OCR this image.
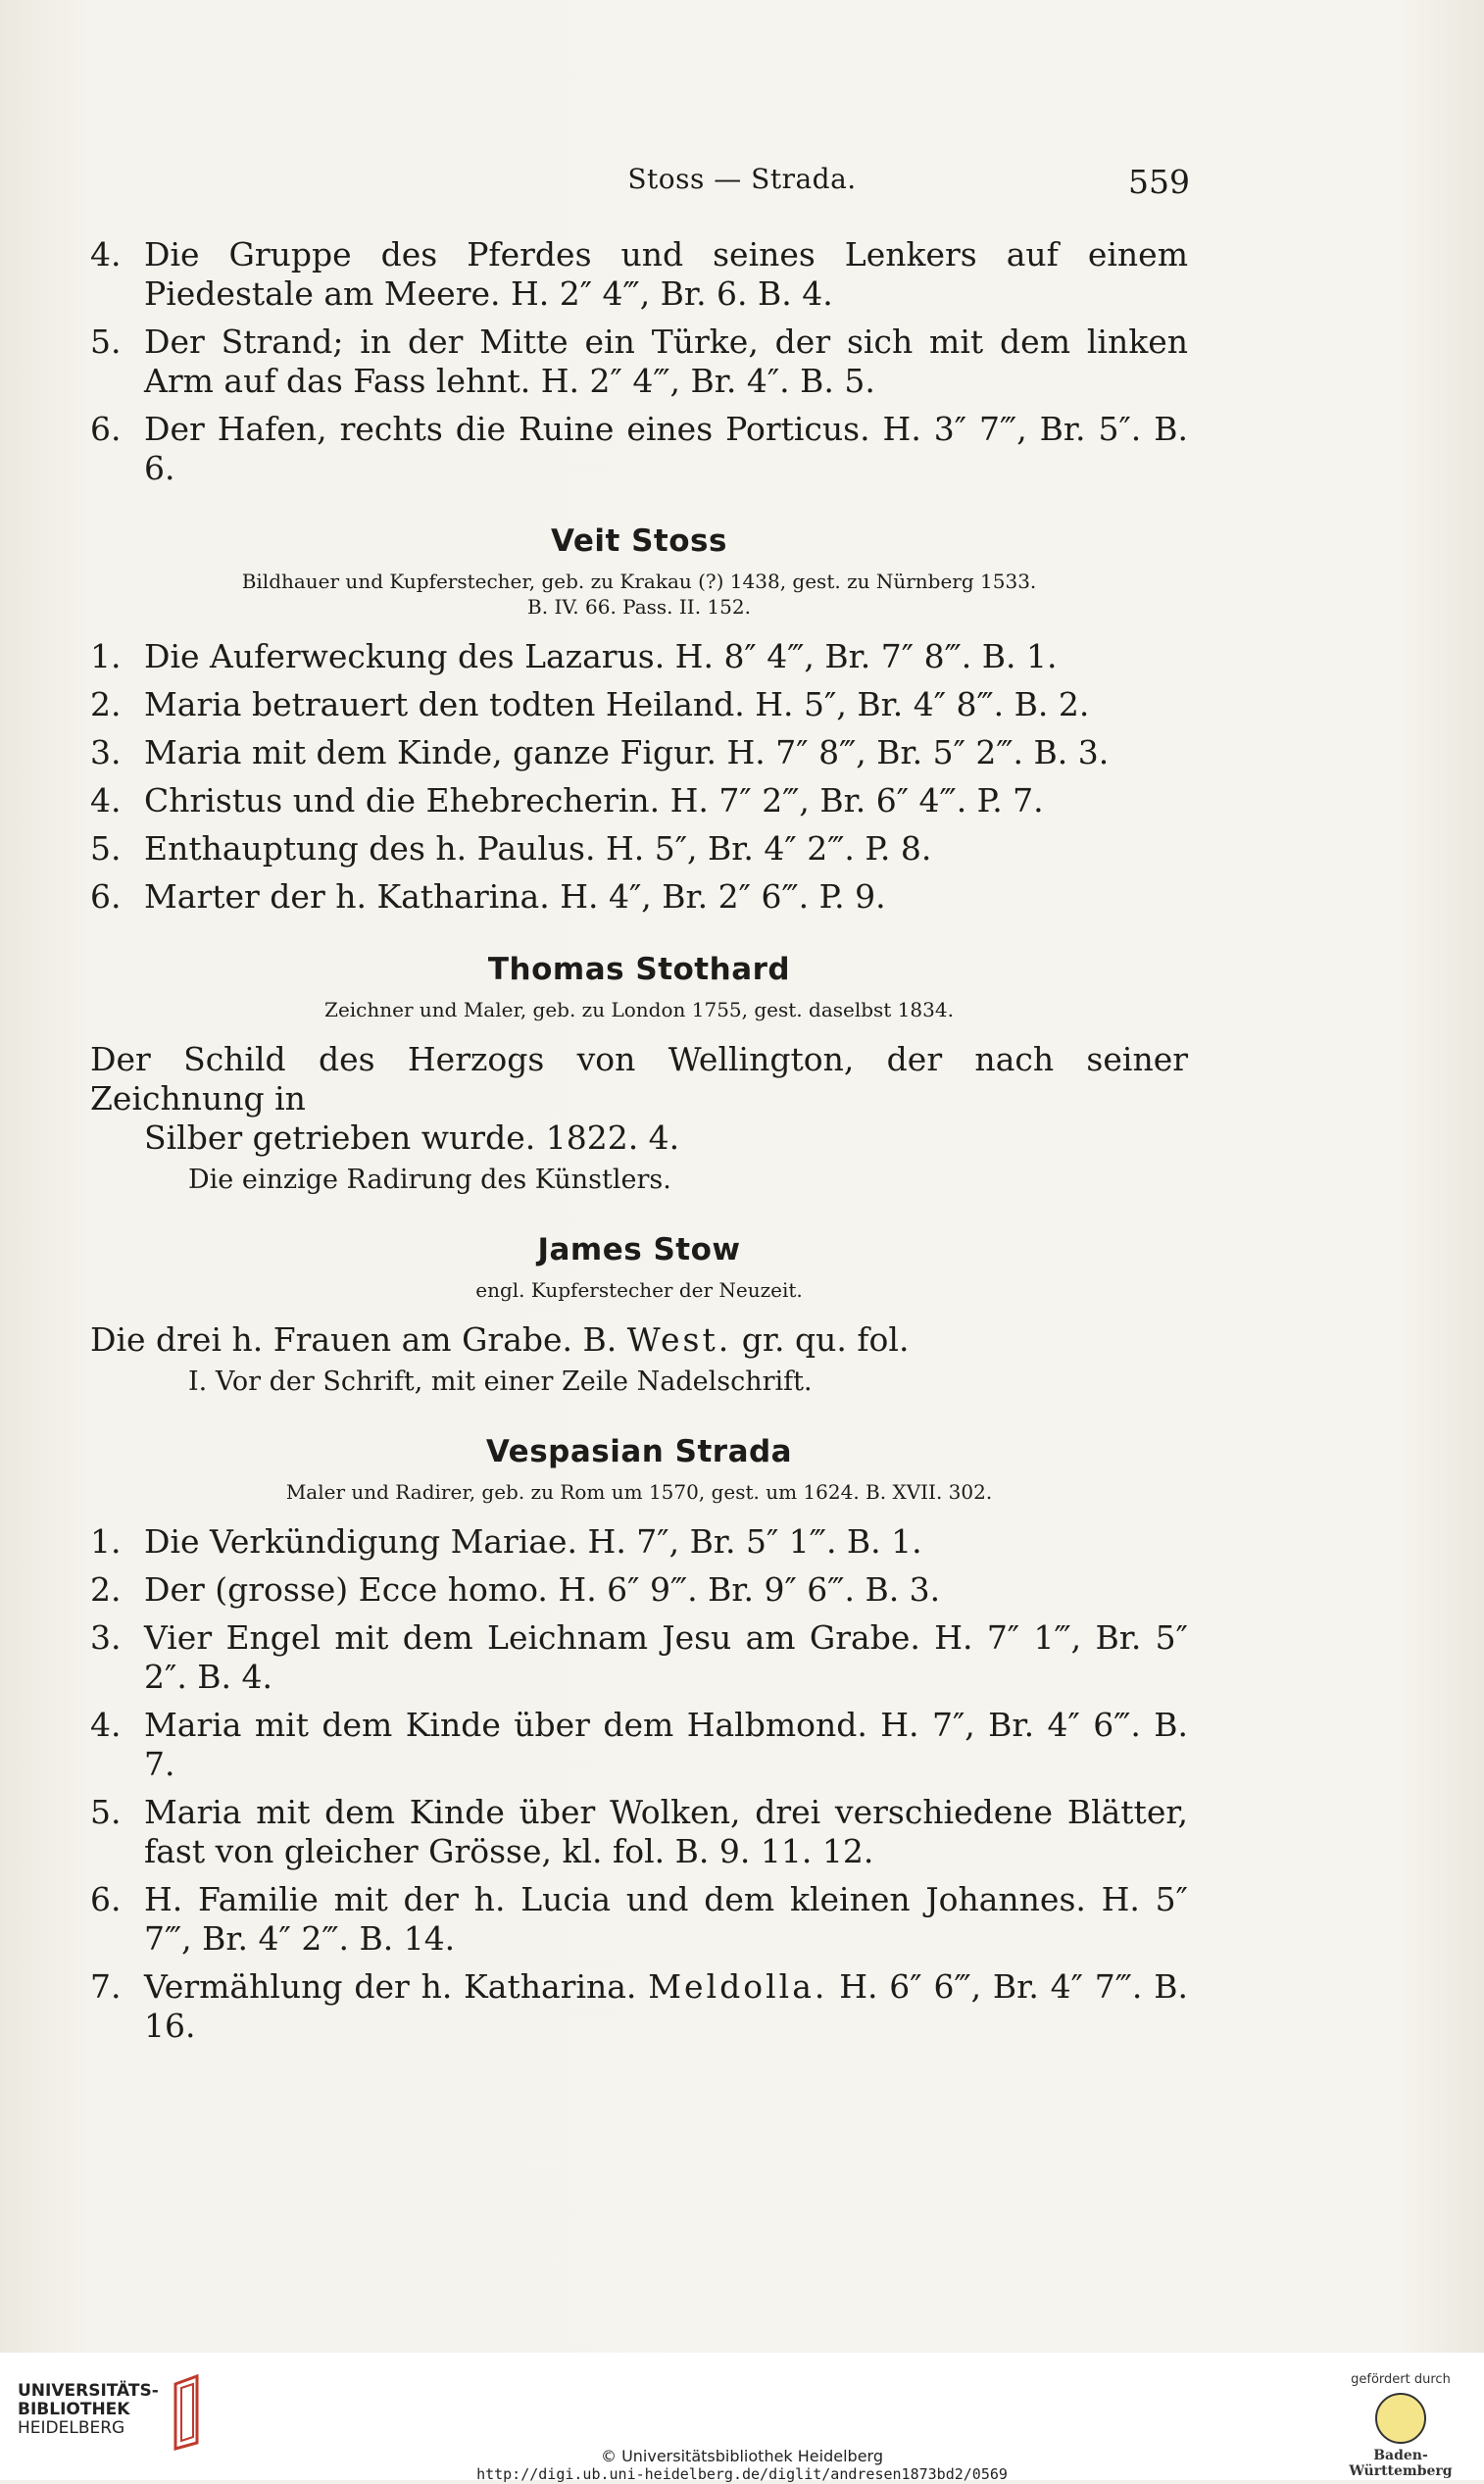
Stoss — Strada.	559
4. Die Gruppe des Pferdes und seines Lenkers auf einem Piedestale am Meere. H. 2″ 4‴, Br. 6. B. 4.
5. Der Strand; in der Mitte ein Türke, der sich mit dem linken Arm auf das Fass lehnt. H. 2″ 4‴, Br. 4″. B. 5.
6. Der Hafen, rechts die Ruine eines Porticus. H. 3″ 7‴, Br. 5″. B. 6.
Veit Stoss
Bildhauer und Kupferstecher, geb. zu Krakau (?) 1438, gest. zu Nürnberg 1533.
B. IV. 66. Pass. II. 152.
1. Die Auferweckung des Lazarus. H. 8″ 4‴, Br. 7″ 8‴. B. 1.
2. Maria betrauert den todten Heiland. H. 5″, Br. 4″ 8‴. B. 2.
3. Maria mit dem Kinde, ganze Figur. H. 7″ 8‴, Br. 5″ 2‴. B. 3.
4. Christus und die Ehebrecherin. H. 7″ 2‴, Br. 6″ 4‴. P. 7.
5. Enthauptung des h. Paulus. H. 5″, Br. 4″ 2‴. P. 8.
6. Marter der h. Katharina. H. 4″, Br. 2″ 6‴. P. 9.
Thomas Stothard
Zeichner und Maler, geb. zu London 1755, gest. daselbst 1834.
Der Schild des Herzogs von Wellington, der nach seiner Zeichnung in
Silber getrieben wurde. 1822. 4.
Die einzige Radirung des Künstlers.
James Stow
engl. Kupferstecher der Neuzeit.
Die drei h. Frauen am Grabe. B. West. gr. qu. fol.
I. Vor der Schrift, mit einer Zeile Nadelschrift.
Vespasian Strada
Maler und Radirer, geb. zu Rom um 1570, gest. um 1624. B. XVII. 302.
1. Die Verkündigung Mariae. H. 7″, Br. 5″ 1‴. B. 1.
2. Der (grosse) Ecce homo. H. 6″ 9‴. Br. 9″ 6‴. B. 3.
3. Vier Engel mit dem Leichnam Jesu am Grabe. H. 7″ 1‴, Br. 5″ 2″. B. 4.
4. Maria mit dem Kinde über dem Halbmond. H. 7″, Br. 4″ 6‴. B. 7.
5. Maria mit dem Kinde über Wolken, drei verschiedene Blätter, fast von gleicher Grösse, kl. fol. B. 9. 11. 12.
6. H. Familie mit der h. Lucia und dem kleinen Johannes. H. 5″ 7‴, Br. 4″ 2‴. B. 14.
7. Vermählung der h. Katharina. Meldolla. H. 6″ 6‴, Br. 4″ 7‴. B. 16.
UNIVERSITÄTS-
BIBLIOTHEK
HEIDELBERG
© Universitätsbibliothek Heidelberg
http://digi.ub.uni-heidelberg.de/diglit/andresen1873bd2/0569
gefördert durch
Baden-Württemberg
